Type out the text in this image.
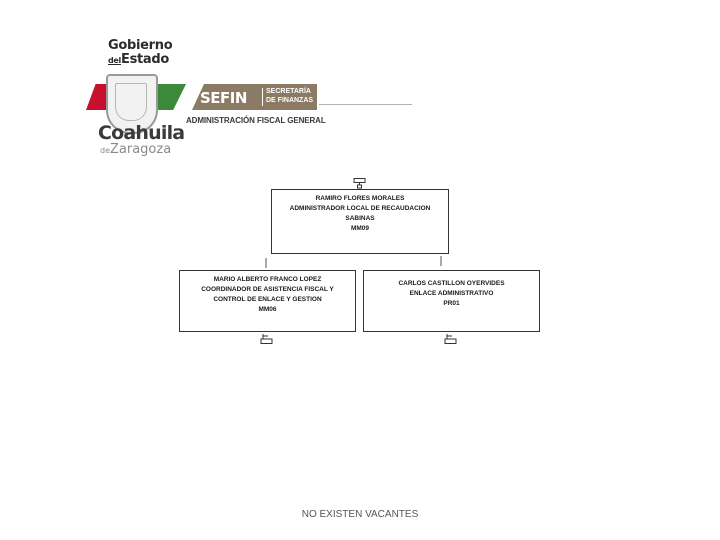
Gobierno
delEstado
Coahuila
deZaragoza
SEFIN	SECRETARÍA
DE FINANZAS
ADMINISTRACIÓN FISCAL GENERAL
RAMIRO FLORES MORALES
ADMINISTRADOR LOCAL DE RECAUDACION
SABINAS
MM09
MARIO ALBERTO FRANCO LOPEZ
COORDINADOR DE ASISTENCIA FISCAL Y
CONTROL DE ENLACE Y GESTION
MM06
CARLOS CASTILLON OYERVIDES
ENLACE ADMINISTRATIVO
PR01
NO EXISTEN VACANTES
